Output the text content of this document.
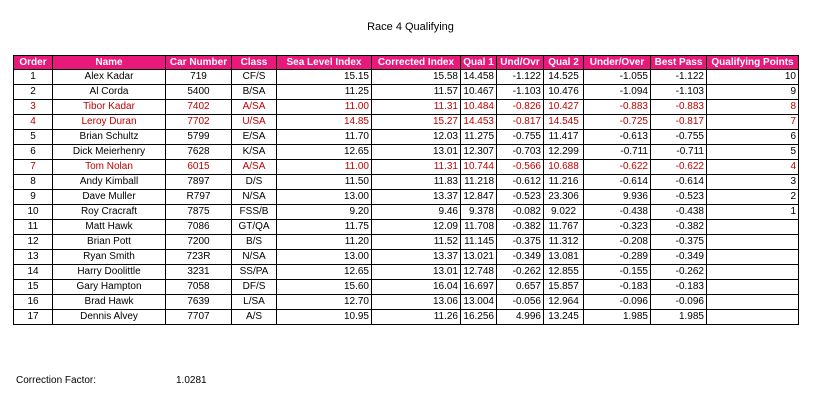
Race 4 Qualifying
Order	Name	Car Number	Class	Sea Level Index	Corrected Index	Qual 1	Und/Ovr	Qual 2	Under/Over	Best Pass	Qualifying Points
1	Alex Kadar	719	CF/S	15.15	15.58	14.458	-1.122	14.525	-1.055	-1.122	10
2	Al Corda	5400	B/SA	11.25	11.57	10.467	-1.103	10.476	-1.094	-1.103	9
3	Tibor Kadar	7402	A/SA	11.00	11.31	10.484	-0.826	10.427	-0.883	-0.883	8
4	Leroy Duran	7702	U/SA	14.85	15.27	14.453	-0.817	14.545	-0.725	-0.817	7
5	Brian Schultz	5799	E/SA	11.70	12.03	11.275	-0.755	11.417	-0.613	-0.755	6
6	Dick Meierhenry	7628	K/SA	12.65	13.01	12.307	-0.703	12.299	-0.711	-0.711	5
7	Tom Nolan	6015	A/SA	11.00	11.31	10.744	-0.566	10.688	-0.622	-0.622	4
8	Andy Kimball	7897	D/S	11.50	11.83	11.218	-0.612	11.216	-0.614	-0.614	3
9	Dave Muller	R797	N/SA	13.00	13.37	12.847	-0.523	23.306	9.936	-0.523	2
10	Roy Cracraft	7875	FSS/B	9.20	9.46	9.378	-0.082	9.022	-0.438	-0.438	1
11	Matt Hawk	7086	GT/QA	11.75	12.09	11.708	-0.382	11.767	-0.323	-0.382	
12	Brian Pott	7200	B/S	11.20	11.52	11.145	-0.375	11.312	-0.208	-0.375	
13	Ryan Smith	723R	N/SA	13.00	13.37	13.021	-0.349	13.081	-0.289	-0.349	
14	Harry Doolittle	3231	SS/PA	12.65	13.01	12.748	-0.262	12.855	-0.155	-0.262	
15	Gary Hampton	7058	DF/S	15.60	16.04	16.697	0.657	15.857	-0.183	-0.183	
16	Brad Hawk	7639	L/SA	12.70	13.06	13.004	-0.056	12.964	-0.096	-0.096	
17	Dennis Alvey	7707	A/S	10.95	11.26	16.256	4.996	13.245	1.985	1.985	
Correction Factor:	1.0281
